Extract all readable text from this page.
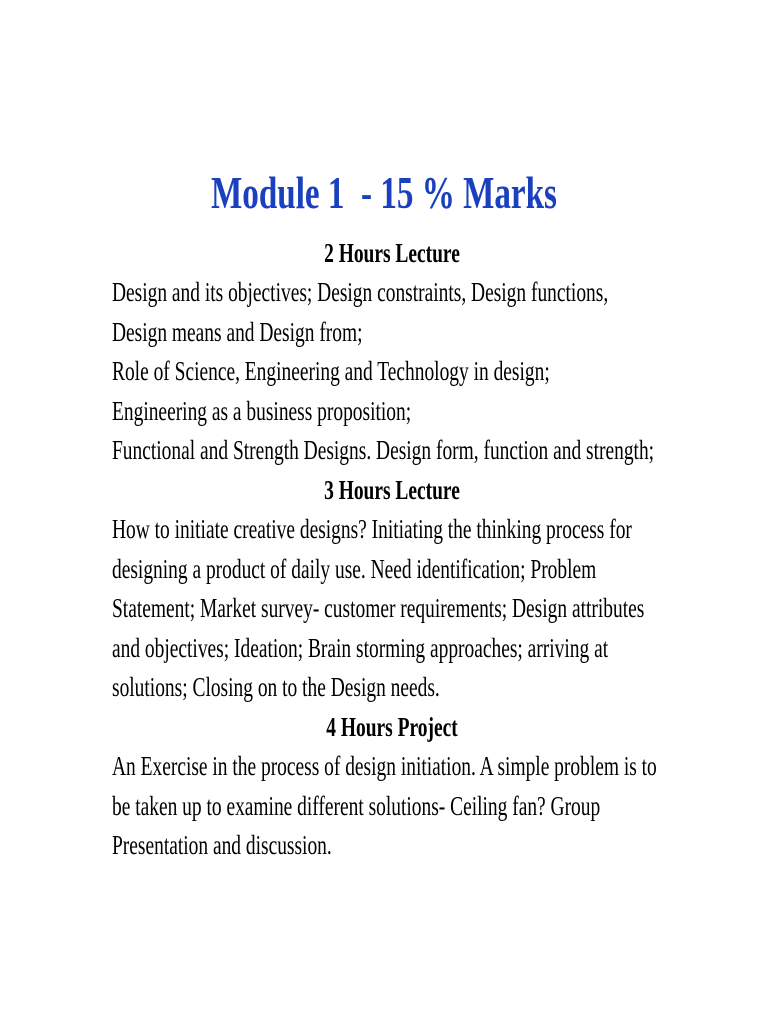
Module 1  - 15 % Marks
2 Hours Lecture
Design and its objectives; Design constraints, Design functions,
Design means and Design from;
Role of Science, Engineering and Technology in design;
Engineering as a business proposition;
Functional and Strength Designs. Design form, function and strength;
3 Hours Lecture
How to initiate creative designs? Initiating the thinking process for
designing a product of daily use. Need identification; Problem
Statement; Market survey- customer requirements; Design attributes
and objectives; Ideation; Brain storming approaches; arriving at
solutions; Closing on to the Design needs.
4 Hours Project
An Exercise in the process of design initiation. A simple problem is to
be taken up to examine different solutions- Ceiling fan? Group
Presentation and discussion.
